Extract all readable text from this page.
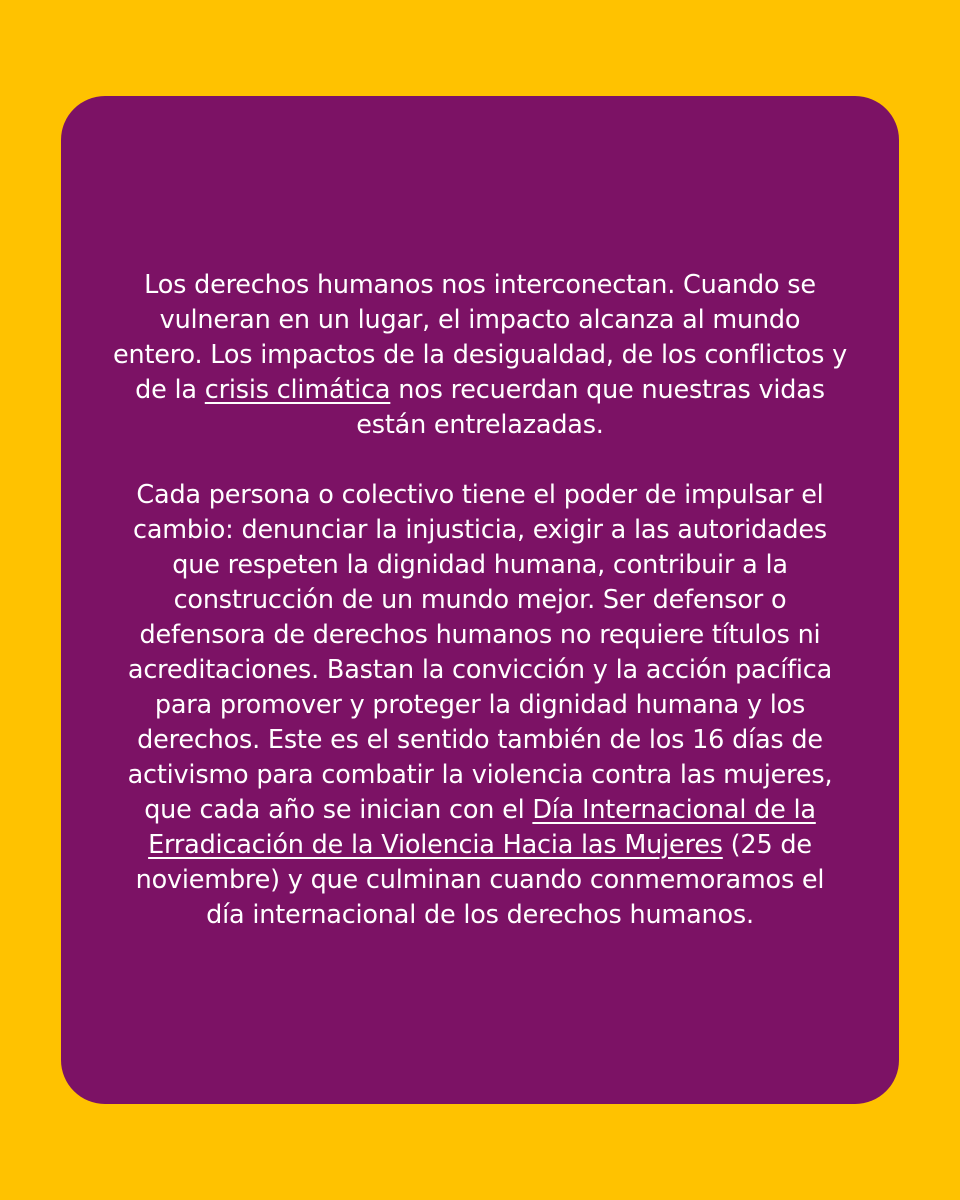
Los derechos humanos nos interconectan. Cuando se vulneran en un lugar, el impacto alcanza al mundo entero. Los impactos de la desigualdad, de los conflictos y de la crisis climática nos recuerdan que nuestras vidas están entrelazadas.

Cada persona o colectivo tiene el poder de impulsar el cambio: denunciar la injusticia, exigir a las autoridades que respeten la dignidad humana, contribuir a la construcción de un mundo mejor. Ser defensor o defensora de derechos humanos no requiere títulos ni acreditaciones. Bastan la convicción y la acción pacífica para promover y proteger la dignidad humana y los derechos. Este es el sentido también de los 16 días de activismo para combatir la violencia contra las mujeres, que cada año se inician con el Día Internacional de la Erradicación de la Violencia Hacia las Mujeres (25 de noviembre) y que culminan cuando conmemoramos el día internacional de los derechos humanos.
